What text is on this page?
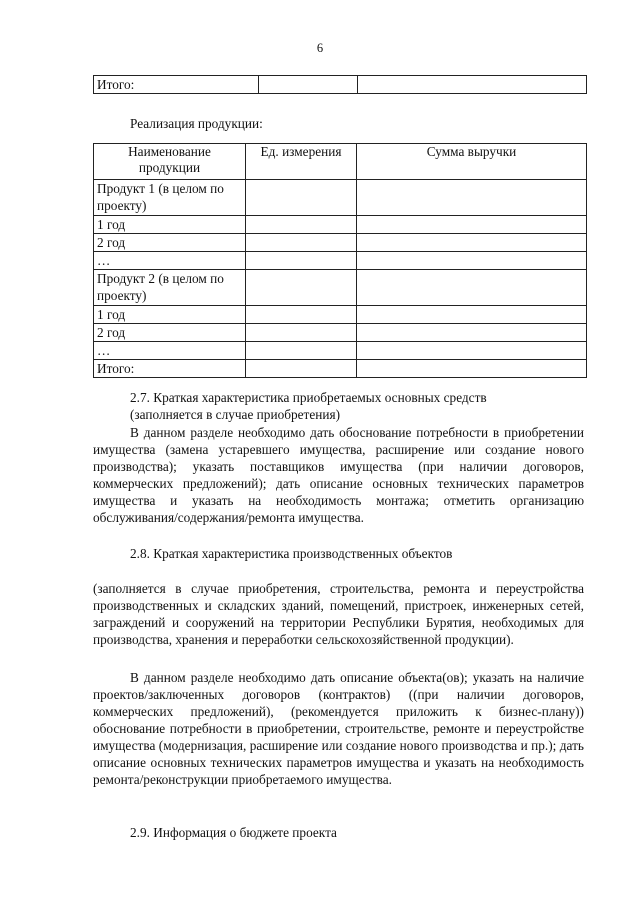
6
Итого:		
Реализация продукции:
Наименование продукции	Ед. измерения	Сумма выручки
Продукт 1 (в целом по проекту)		
1 год		
2 год		
…		
Продукт 2 (в целом по проекту)		
1 год		
2 год		
…		
Итого:		
2.7. Краткая характеристика приобретаемых основных средств
(заполняется в случае приобретения)
В данном разделе необходимо дать обоснование потребности в приобретении имущества (замена устаревшего имущества, расширение или создание нового производства); указать поставщиков имущества (при наличии договоров, коммерческих предложений); дать описание основных технических параметров имущества и указать на необходимость монтажа; отметить организацию обслуживания/содержания/ремонта имущества.
2.8. Краткая характеристика производственных объектов
(заполняется в случае приобретения, строительства, ремонта и переустройства производственных и складских зданий, помещений, пристроек, инженерных сетей, заграждений и сооружений на территории Республики Бурятия, необходимых для производства, хранения и переработки сельскохозяйственной продукции).
В данном разделе необходимо дать описание объекта(ов); указать на наличие проектов/заключенных договоров (контрактов) ((при наличии договоров, коммерческих предложений), (рекомендуется приложить к бизнес-плану)) обоснование потребности в приобретении, строительстве, ремонте и переустройстве имущества (модернизация, расширение или создание нового производства и пр.); дать описание основных технических параметров имущества и указать на необходимость ремонта/реконструкции приобретаемого имущества.
2.9. Информация о бюджете проекта
